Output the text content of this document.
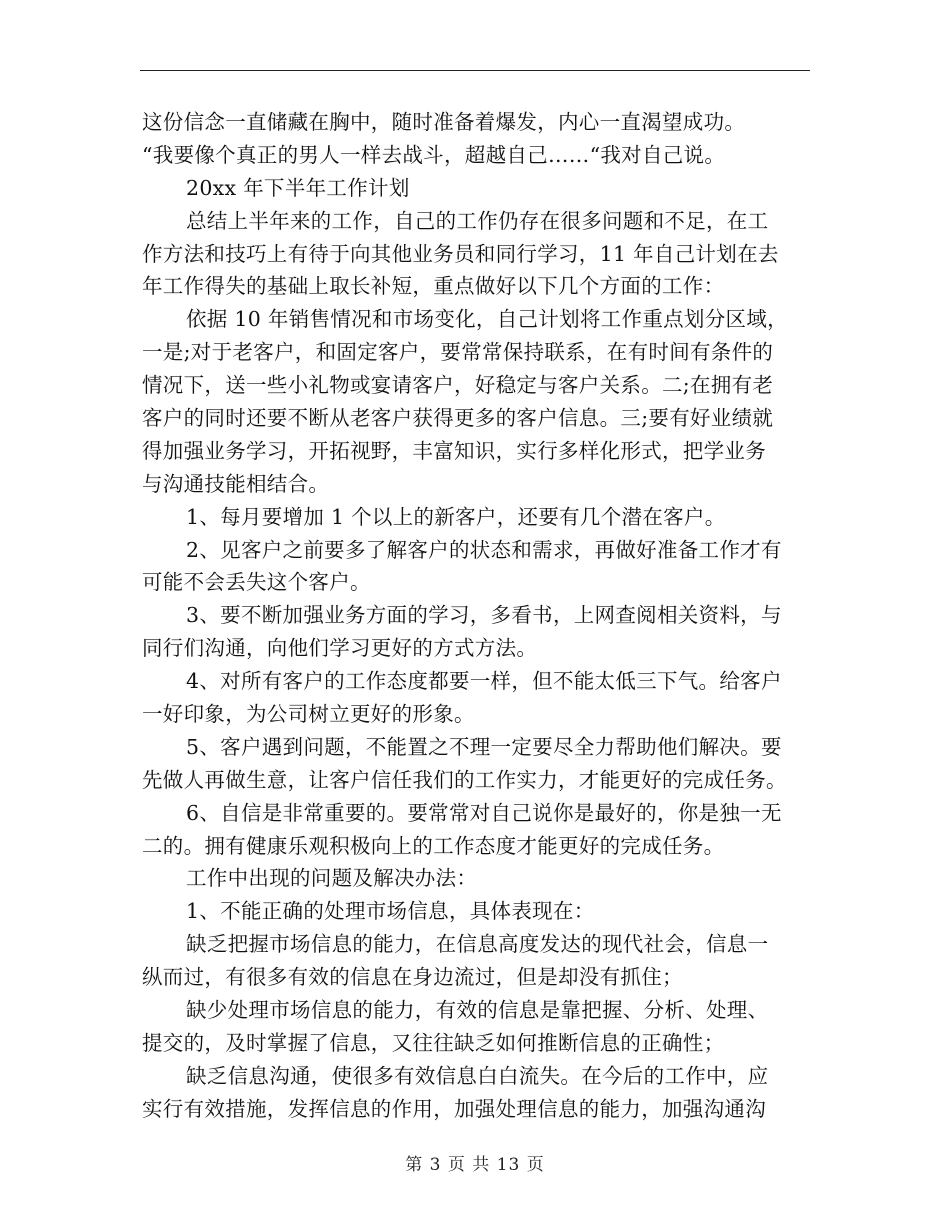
这份信念一直储藏在胸中，随时准备着爆发，内心一直渴望成功。
“我要像个真正的男人一样去战斗，超越自己……“我对自己说。
20xx 年下半年工作计划
总结上半年来的工作，自己的工作仍存在很多问题和不足，在工
作方法和技巧上有待于向其他业务员和同行学习，11 年自己计划在去
年工作得失的基础上取长补短，重点做好以下几个方面的工作：
依据 10 年销售情况和市场变化，自己计划将工作重点划分区域，
一是;对于老客户，和固定客户，要常常保持联系，在有时间有条件的
情况下，送一些小礼物或宴请客户，好稳定与客户关系。二;在拥有老
客户的同时还要不断从老客户获得更多的客户信息。三;要有好业绩就
得加强业务学习，开拓视野，丰富知识，实行多样化形式，把学业务
与沟通技能相结合。
1、每月要增加 1 个以上的新客户，还要有几个潜在客户。
2、见客户之前要多了解客户的状态和需求，再做好准备工作才有
可能不会丢失这个客户。
3、要不断加强业务方面的学习，多看书，上网查阅相关资料，与
同行们沟通，向他们学习更好的方式方法。
4、对所有客户的工作态度都要一样，但不能太低三下气。给客户
一好印象，为公司树立更好的形象。
5、客户遇到问题，不能置之不理一定要尽全力帮助他们解决。要
先做人再做生意，让客户信任我们的工作实力，才能更好的完成任务。
6、自信是非常重要的。要常常对自己说你是最好的，你是独一无
二的。拥有健康乐观积极向上的工作态度才能更好的完成任务。
工作中出现的问题及解决办法：
1、不能正确的处理市场信息，具体表现在：
缺乏把握市场信息的能力，在信息高度发达的现代社会，信息一
纵而过，有很多有效的信息在身边流过，但是却没有抓住；
缺少处理市场信息的能力，有效的信息是靠把握、分析、处理、
提交的，及时掌握了信息，又往往缺乏如何推断信息的正确性；
缺乏信息沟通，使很多有效信息白白流失。在今后的工作中，应
实行有效措施，发挥信息的作用，加强处理信息的能力，加强沟通沟
第 3 页 共 13 页
